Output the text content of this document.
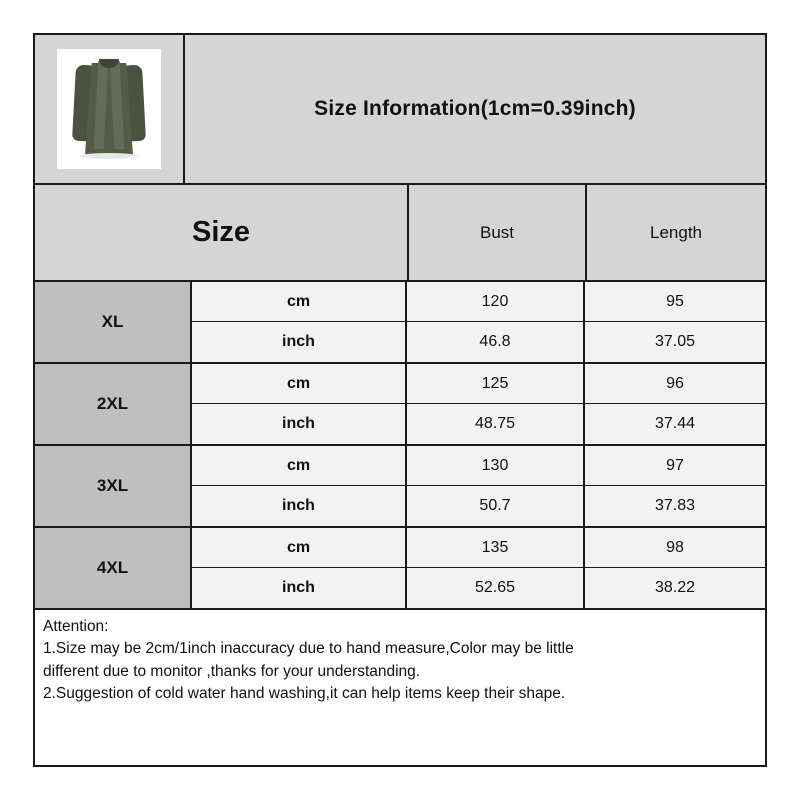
Size Information(1cm=0.39inch)
Size	Bust	Length
XL
cm	120	95
inch	46.8	37.05
2XL
cm	125	96
inch	48.75	37.44
3XL
cm	130	97
inch	50.7	37.83
4XL
cm	135	98
inch	52.65	38.22

Attention:

1.Size may be 2cm/1inch inaccuracy due to hand measure,Color may be little

different due to monitor ,thanks for your understanding.

2.Suggestion of cold water hand washing,it can help items keep their shape.
